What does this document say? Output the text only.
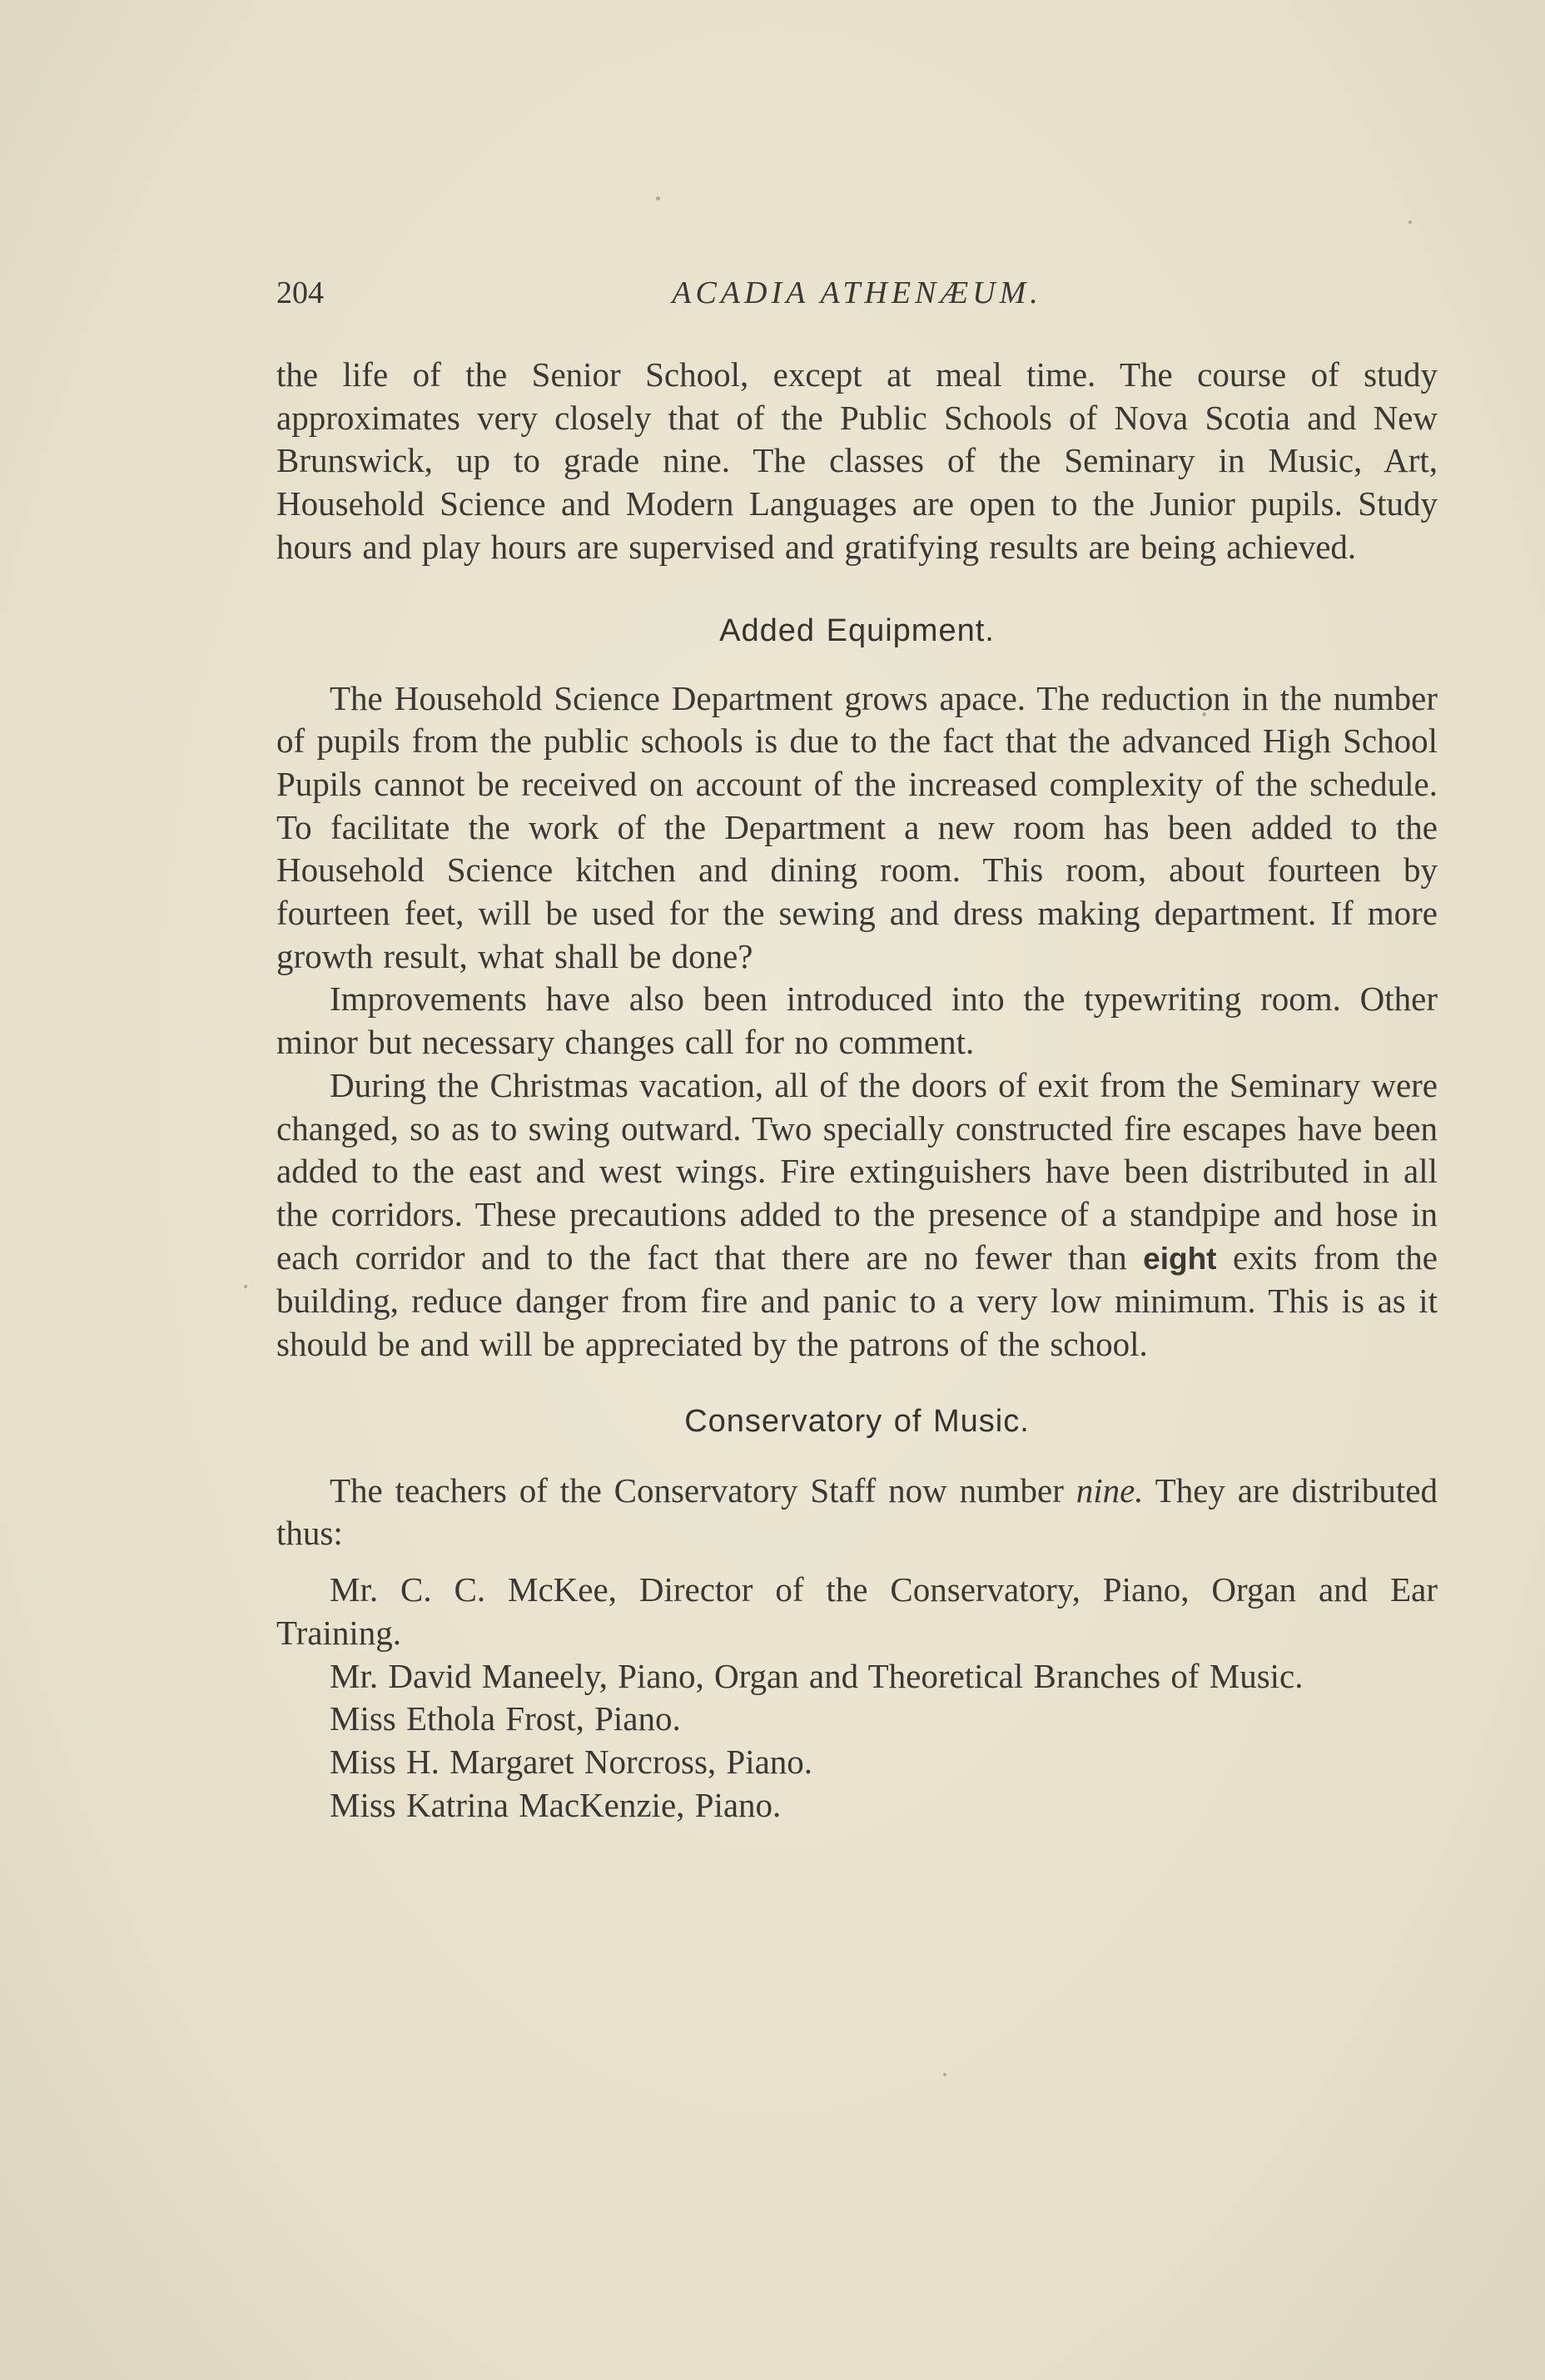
204	ACADIA ATHENÆUM.

the life of the Senior School, except at meal time. The course of study approximates very closely that of the Public Schools of Nova Scotia and New Brunswick, up to grade nine. The classes of the Seminary in Music, Art, Household Science and Modern Languages are open to the Junior pupils. Study hours and play hours are supervised and gratifying results are being achieved.

Added Equipment.

The Household Science Department grows apace. The reduction in the number of pupils from the public schools is due to the fact that the advanced High School Pupils cannot be received on account of the increased complexity of the schedule. To facilitate the work of the Department a new room has been added to the Household Science kitchen and dining room. This room, about fourteen by fourteen feet, will be used for the sewing and dress making department. If more growth result, what shall be done?

Improvements have also been introduced into the typewriting room. Other minor but necessary changes call for no comment.

During the Christmas vacation, all of the doors of exit from the Seminary were changed, so as to swing outward. Two specially constructed fire escapes have been added to the east and west wings. Fire extinguishers have been distributed in all the corridors. These precautions added to the presence of a standpipe and hose in each corridor and to the fact that there are no fewer than eight exits from the building, reduce danger from fire and panic to a very low minimum. This is as it should be and will be appreciated by the patrons of the school.

Conservatory of Music.

The teachers of the Conservatory Staff now number nine. They are distributed thus:

Mr. C. C. McKee, Director of the Conservatory, Piano, Organ and Ear Training.

Mr. David Maneely, Piano, Organ and Theoretical Branches of Music.

Miss Ethola Frost, Piano.

Miss H. Margaret Norcross, Piano.

Miss Katrina MacKenzie, Piano.
